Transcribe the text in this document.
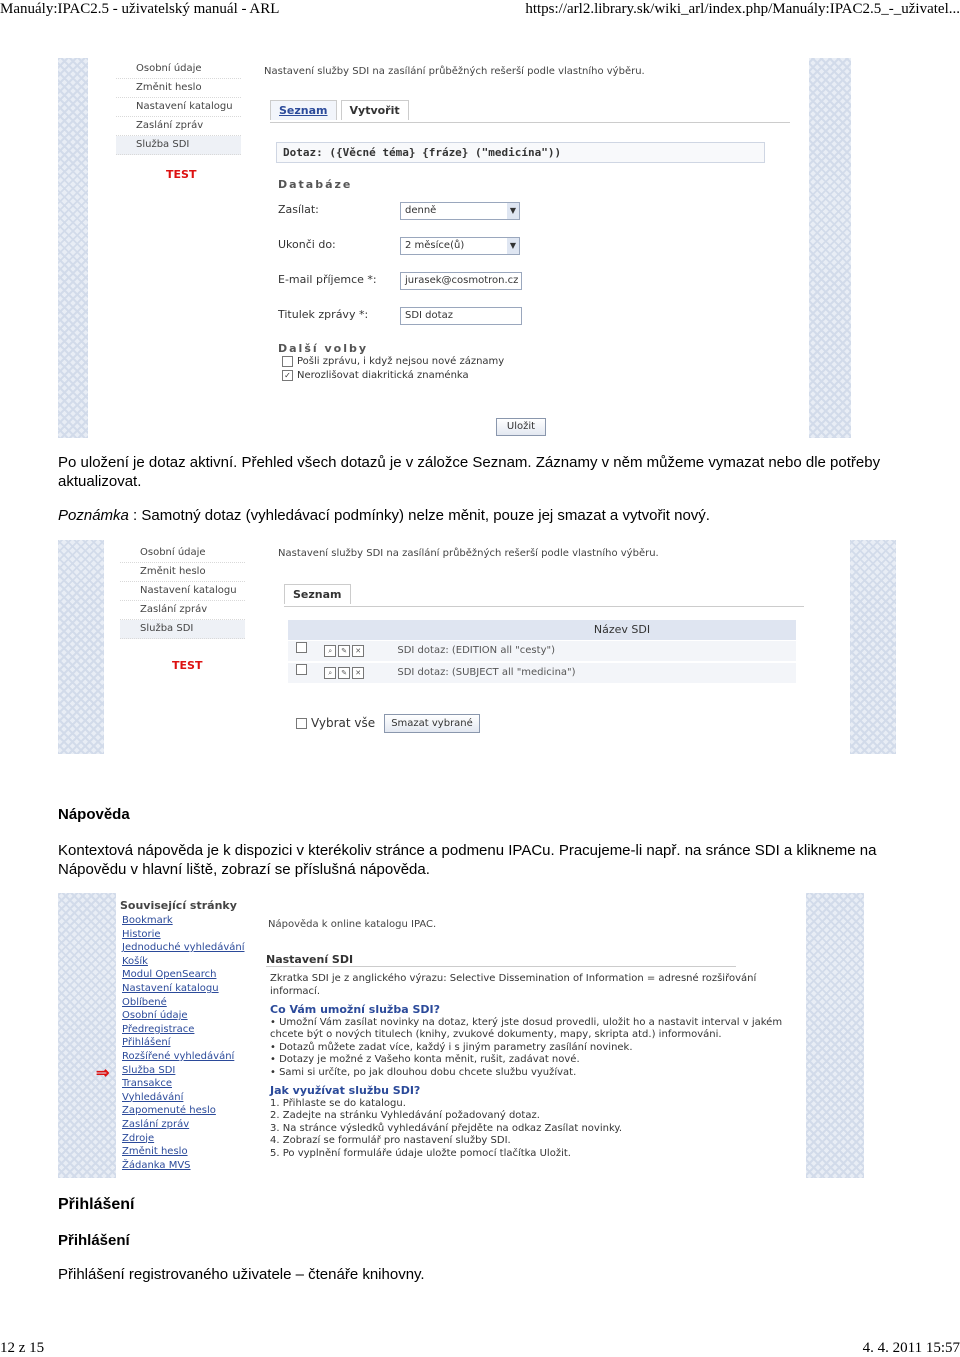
Manuály:IPAC2.5 - uživatelský manuál - ARL	https://arl2.library.sk/wiki_arl/index.php/Manuály:IPAC2.5_-_uživatel...
Osobní údaje
Změnit heslo
Nastavení katalogu
Zaslání zpráv
Služba SDI
TEST
Nastavení služby SDI na zasílání průběžných rešerší podle vlastního výběru.
Seznam	Vytvořit
Dotaz: ({Věcné téma} {fráze} ("medicína"))
Databáze
Zasílat:	denně	▼
Ukonči do:	2 měsíce(ů)	▼
E-mail příjemce *:	jurasek@cosmotron.cz
Titulek zprávy *:	SDI dotaz
Další volby
Pošli zprávu, i když nejsou nové záznamy
✓ Nerozlišovat diakritická znaménka
Uložit
Po uložení je dotaz aktivní. Přehled všech dotazů je v záložce Seznam. Záznamy v něm můžeme vymazat nebo dle potřeby aktualizovat.
Poznámka : Samotný dotaz (vyhledávací podmínky) nelze měnit, pouze jej smazat a vytvořit nový.
Osobní údaje
Změnit heslo
Nastavení katalogu
Zaslání zpráv
Služba SDI
TEST
Nastavení služby SDI na zasílání průběžných rešerší podle vlastního výběru.
Seznam
Název SDI
⌕ ✎ ✕	SDI dotaz: (EDITION all "cesty")
⌕ ✎ ✕	SDI dotaz: (SUBJECT all "medicina")
Vybrat vše	Smazat vybrané
Nápověda
Kontextová nápověda je k dispozici v kterékoliv stránce a podmenu IPACu. Pracujeme-li např. na sránce SDI a klikneme na Nápovědu v hlavní liště, zobrazí se příslušná nápověda.
Související stránky
Bookmark
Historie
Jednoduché vyhledávání
Košík
Modul OpenSearch
Nastavení katalogu
Oblíbené
Osobní údaje
Předregistrace
Přihlášení
Rozšířené vyhledávání
Služba SDI
Transakce
Vyhledávání
Zapomenuté heslo
Zaslání zpráv
Zdroje
Změnit heslo
Žádanka MVS
⇒
Nápověda k online katalogu IPAC.
Nastavení SDI
Zkratka SDI je z anglického výrazu: Selective Dissemination of Information = adresné rozšiřování informací.
Co Vám umožní služba SDI?
• Umožní Vám zasílat novinky na dotaz, který jste dosud provedli, uložit ho a nastavit interval v jakém chcete být o nových titulech (knihy, zvukové dokumenty, mapy, skripta atd.) informováni.
• Dotazů můžete zadat více, každý i s jiným parametry zasílání novinek.
• Dotazy je možné z Vašeho konta měnit, rušit, zadávat nové.
• Sami si určíte, po jak dlouhou dobu chcete službu využívat.
Jak využívat službu SDI?
1. Přihlaste se do katalogu.
2. Zadejte na stránku Vyhledávání požadovaný dotaz.
3. Na stránce výsledků vyhledávání přejděte na odkaz Zasílat novinky.
4. Zobrazí se formulář pro nastavení služby SDI.
5. Po vyplnění formuláře údaje uložte pomocí tlačítka Uložit.
Přihlášení
Přihlášení
Přihlášení registrovaného uživatele – čtenáře knihovny.
12 z 15	4. 4. 2011 15:57
